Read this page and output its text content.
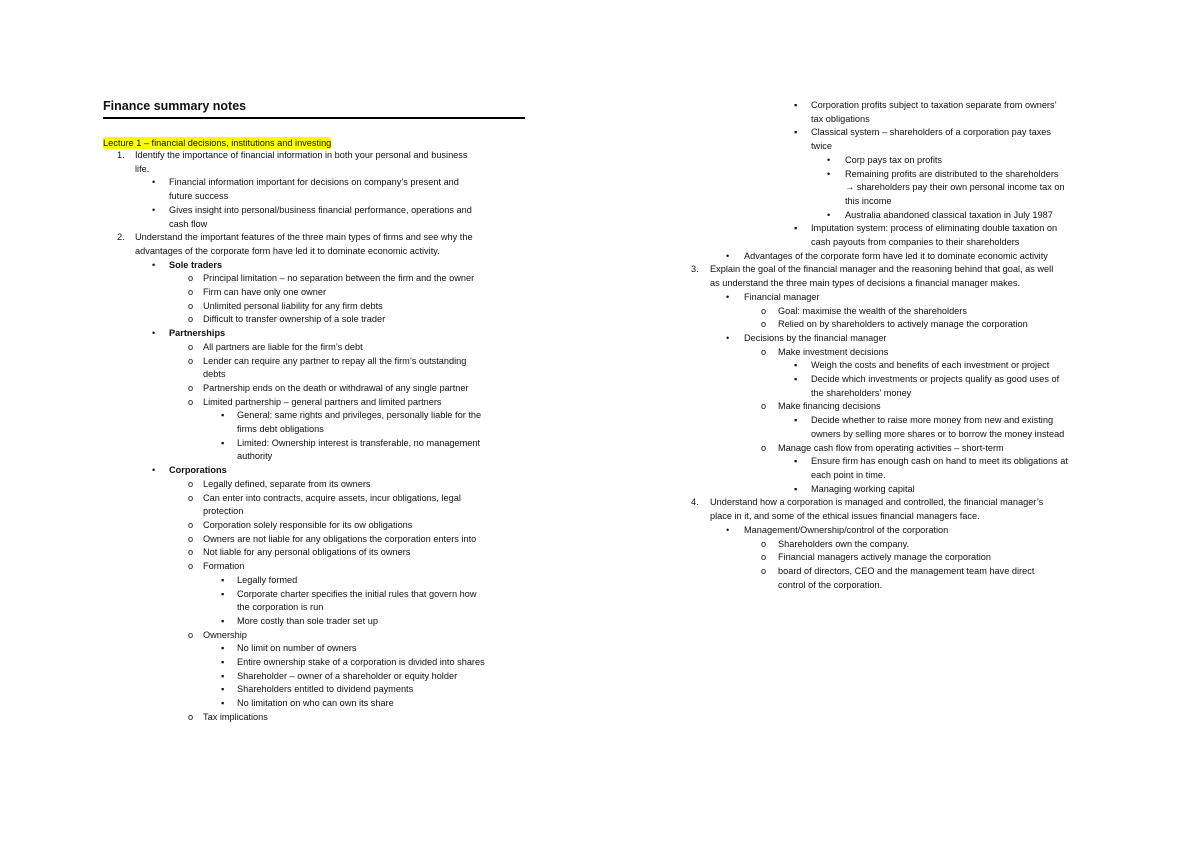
Finance summary notes
Lecture 1 – financial decisions, institutions and investing
1. Identify the importance of financial information in both your personal and business
life.
• Financial information important for decisions on company’s present and
future success
• Gives insight into personal/business financial performance, operations and
cash flow
2. Understand the important features of the three main types of firms and see why the
advantages of the corporate form have led it to dominate economic activity.
• Sole traders
o Principal limitation – no separation between the firm and the owner
o Firm can have only one owner
o Unlimited personal liability for any firm debts
o Difficult to transfer ownership of a sole trader
• Partnerships
o All partners are liable for the firm’s debt
o Lender can require any partner to repay all the firm’s outstanding
debts
o Partnership ends on the death or withdrawal of any single partner
o Limited partnership – general partners and limited partners
▪ General: same rights and privileges, personally liable for the
firms debt obligations
▪ Limited: Ownership interest is transferable, no management
authority
• Corporations
o Legally defined, separate from its owners
o Can enter into contracts, acquire assets, incur obligations, legal
protection
o Corporation solely responsible for its ow obligations
o Owners are not liable for any obligations the corporation enters into
o Not liable for any personal obligations of its owners
o Formation
▪ Legally formed
▪ Corporate charter specifies the initial rules that govern how
the corporation is run
▪ More costly than sole trader set up
o Ownership
▪ No limit on number of owners
▪ Entire ownership stake of a corporation is divided into shares
▪ Shareholder – owner of a shareholder or equity holder
▪ Shareholders entitled to dividend payments
▪ No limitation on who can own its share
o Tax implications
▪ Corporation profits subject to taxation separate from owners’
tax obligations
▪ Classical system – shareholders of a corporation pay taxes
twice
• Corp pays tax on profits
• Remaining profits are distributed to the shareholders
→ shareholders pay their own personal income tax on
this income
• Australia abandoned classical taxation in July 1987
▪ Imputation system: process of eliminating double taxation on
cash payouts from companies to their shareholders
• Advantages of the corporate form have led it to dominate economic activity
3. Explain the goal of the financial manager and the reasoning behind that goal, as well
as understand the three main types of decisions a financial manager makes.
• Financial manager
o Goal: maximise the wealth of the shareholders
o Relied on by shareholders to actively manage the corporation
• Decisions by the financial manager
o Make investment decisions
▪ Weigh the costs and benefits of each investment or project
▪ Decide which investments or projects qualify as good uses of
the shareholders’ money
o Make financing decisions
▪ Decide whether to raise more money from new and existing
owners by selling more shares or to borrow the money instead
o Manage cash flow from operating activities – short-term
▪ Ensure firm has enough cash on hand to meet its obligations at
each point in time.
▪ Managing working capital
4. Understand how a corporation is managed and controlled, the financial manager’s
place in it, and some of the ethical issues financial managers face.
• Management/Ownership/control of the corporation
o Shareholders own the company.
o Financial managers actively manage the corporation
o board of directors, CEO and the management team have direct
control of the corporation.
